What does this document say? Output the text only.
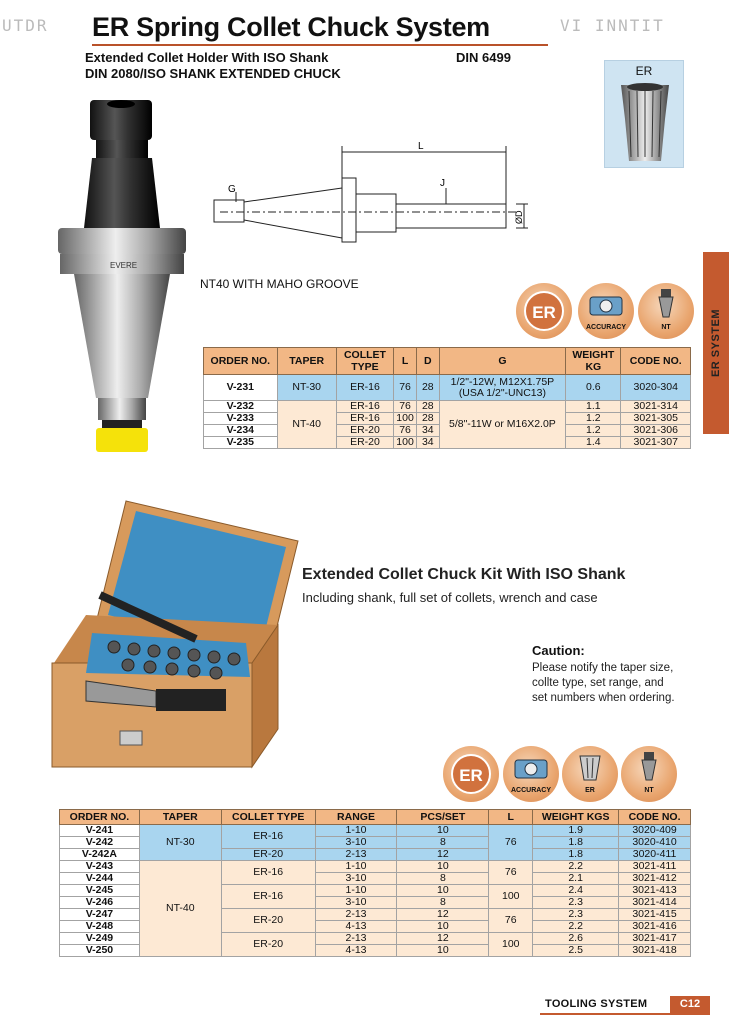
UTDR	VI INNTIT
ER Spring Collet Chuck System
Extended Collet Holder With ISO Shank	DIN 6499
DIN 2080/ISO SHANK EXTENDED CHUCK
EVERE
ER
L
G
J
ØD
NT40 WITH MAHO GROOVE
ER SYSTEM
ER
ACCURACY	NT
ORDER NO.	TAPER	COLLET TYPE	L	D	G	WEIGHT KG	CODE NO.
V-231	NT-30	ER-16	76	28	1/2"-12W, M12X1.75P (USA 1/2"-UNC13)	0.6	3020-304
V-232	NT-40	ER-16	76	28	5/8"-11W or M16X2.0P	1.1	3021-314
V-233		ER-16	100	28		1.2	3021-305
V-234		ER-20	76	34		1.2	3021-306
V-235		ER-20	100	34		1.4	3021-307
Extended Collet Chuck Kit With ISO Shank
Including shank, full set of collets, wrench and case
Caution:
Please notify the taper size, collte type, set range, and set numbers when ordering.
ER
ACCURACY	ER	NT
ORDER NO.	TAPER	COLLET TYPE	RANGE	PCS/SET	L	WEIGHT KGS	CODE NO.
V-241	NT-30	ER-16	1-10	10	76	1.9	3020-409
V-242			3-10	8		1.8	3020-410
V-242A		ER-20	2-13	12		1.8	3020-411
V-243	NT-40	ER-16	1-10	10	76	2.2	3021-411
V-244			3-10	8		2.1	3021-412
V-245		ER-16	1-10	10	100	2.4	3021-413
V-246			3-10	8		2.3	3021-414
V-247		ER-20	2-13	12	76	2.3	3021-415
V-248			4-13	10		2.2	3021-416
V-249		ER-20	2-13	12	100	2.6	3021-417
V-250			4-13	10		2.5	3021-418
TOOLING SYSTEM	C12
